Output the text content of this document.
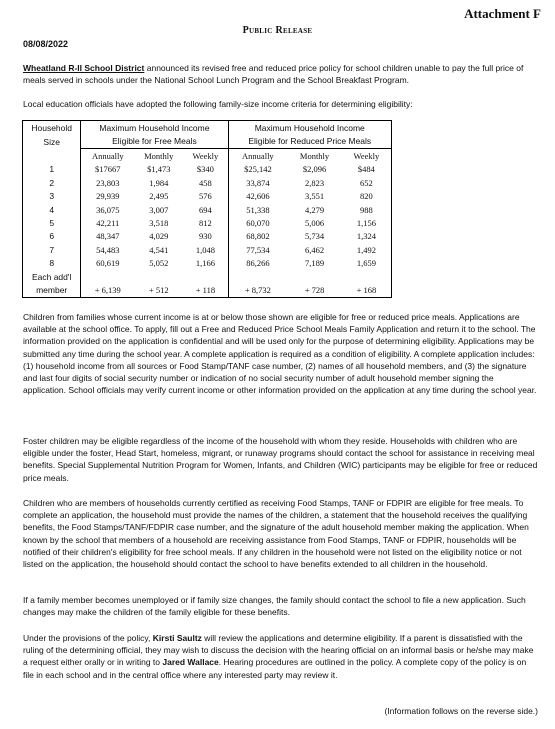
Attachment F
Public Release
08/08/2022

Wheatland R-II School District announced its revised free and reduced price policy for school children unable to pay the full price of meals served in schools under the National School Lunch Program and the School Breakfast Program.

Local education officials have adopted the following family-size income criteria for determining eligibility:

Household	Maximum Household Income			Maximum Household Income		
Size	Eligible for Free Meals			Eligible for Reduced Price Meals		
	Annually	Monthly	Weekly	Annually	Monthly	Weekly
1	$17667	$1,473	$340	$25,142	$2,096	$484
2	23,803	1,984	458	33,874	2,823	652
3	29,939	2,495	576	42,606	3,551	820
4	36,075	3,007	694	51,338	4,279	988
5	42,211	3,518	812	60,070	5,006	1,156
6	48,347	4,029	930	68,802	5,734	1,324
7	54,483	4,541	1,048	77,534	6,462	1,492
8	60,619	5,052	1,166	86,266	7,189	1,659
Each add'l						
member	+ 6,139	+ 512	+ 118	+ 8,732	+ 728	+ 168

Children from families whose current income is at or below those shown are eligible for free or reduced price meals. Applications are available at the school office. To apply, fill out a Free and Reduced Price School Meals Family Application and return it to the school. The information provided on the application is confidential and will be used only for the purpose of determining eligibility. Applications may be submitted any time during the school year. A complete application is required as a condition of eligibility. A complete application includes: (1) household income from all sources or Food Stamp/TANF case number, (2) names of all household members, and (3) the signature and last four digits of social security number or indication of no social security number of adult household member signing the application. School officials may verify current income or other information provided on the application at any time during the school year.

Foster children may be eligible regardless of the income of the household with whom they reside. Households with children who are eligible under the foster, Head Start, homeless, migrant, or runaway programs should contact the school for assistance in receiving meal benefits. Special Supplemental Nutrition Program for Women, Infants, and Children (WIC) participants may be eligible for free or reduced price meals.

Children who are members of households currently certified as receiving Food Stamps, TANF or FDPIR are eligible for free meals. To complete an application, the household must provide the names of the children, a statement that the household receives the qualifying benefits, the Food Stamps/TANF/FDPIR case number, and the signature of the adult household member making the application. When known by the school that members of a household are receiving assistance from Food Stamps, TANF or FDPIR, households will be notified of their children's eligibility for free school meals. If any children in the household were not listed on the eligibility notice or not listed on the application, the household should contact the school to have benefits extended to all children in the household.

If a family member becomes unemployed or if family size changes, the family should contact the school to file a new application. Such changes may make the children of the family eligible for these benefits.

Under the provisions of the policy, Kirsti Saultz will review the applications and determine eligibility. If a parent is dissatisfied with the ruling of the determining official, they may wish to discuss the decision with the hearing official on an informal basis or he/she may make a request either orally or in writing to Jared Wallace. Hearing procedures are outlined in the policy. A complete copy of the policy is on file in each school and in the central office where any interested party may review it.

(Information follows on the reverse side.)
